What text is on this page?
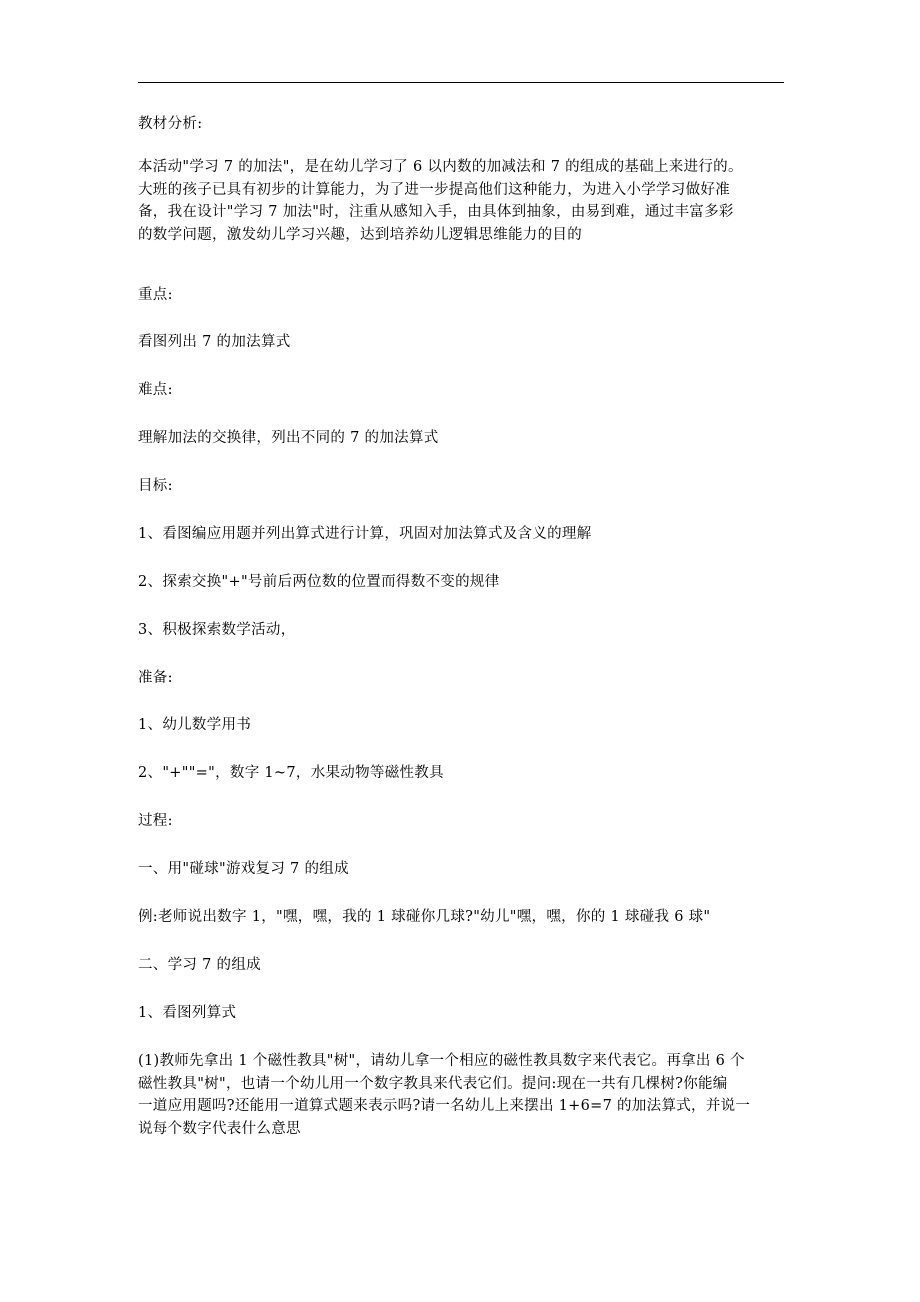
教材分析:
本活动"学习 7 的加法"，是在幼儿学习了 6 以内数的加减法和 7 的组成的基础上来进行的。
大班的孩子已具有初步的计算能力，为了进一步提高他们这种能力，为进入小学学习做好准
备，我在设计"学习 7 加法"时，注重从感知入手，由具体到抽象，由易到难，通过丰富多彩
的数学问题，激发幼儿学习兴趣，达到培养幼儿逻辑思维能力的目的
重点:
看图列出 7 的加法算式
难点:
理解加法的交换律，列出不同的 7 的加法算式
目标:
1、看图编应用题并列出算式进行计算，巩固对加法算式及含义的理解
2、探索交换"+"号前后两位数的位置而得数不变的规律
3、积极探索数学活动，
准备:
1、幼儿数学用书
2、"+""="，数字 1~7，水果动物等磁性教具
过程:
一、用"碰球"游戏复习 7 的组成
例:老师说出数字 1，"嘿，嘿，我的 1 球碰你几球?"幼儿"嘿，嘿，你的 1 球碰我 6 球"
二、学习 7 的组成
1、看图列算式
(1)教师先拿出 1 个磁性教具"树"，请幼儿拿一个相应的磁性教具数字来代表它。再拿出 6 个
磁性教具"树"，也请一个幼儿用一个数字教具来代表它们。提问:现在一共有几棵树?你能编
一道应用题吗?还能用一道算式题来表示吗?请一名幼儿上来摆出 1+6=7 的加法算式，并说一
说每个数字代表什么意思
